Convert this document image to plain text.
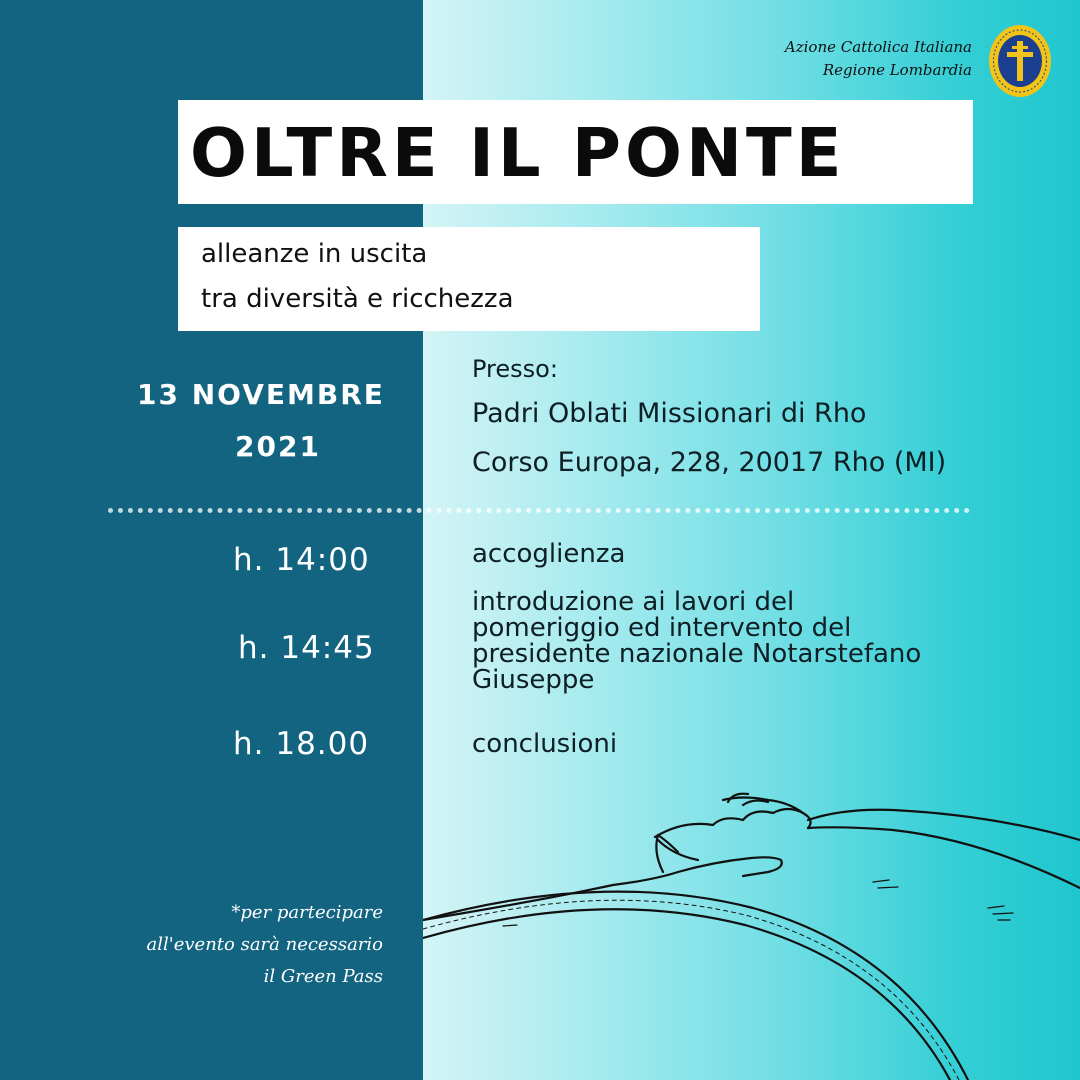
Azione Cattolica Italiana
Regione Lombardia
OLTRE IL PONTE
alleanze in uscita
tra diversità e ricchezza
13 NOVEMBRE
2021
Presso:
Padri Oblati Missionari di Rho
Corso Europa, 228, 20017 Rho (MI)
h. 14:00	accoglienza
h. 14:45
introduzione ai lavori del
pomeriggio ed intervento del
presidente nazionale Notarstefano
Giuseppe
h. 18.00	conclusioni
*per partecipare
all'evento sarà necessario
il Green Pass
